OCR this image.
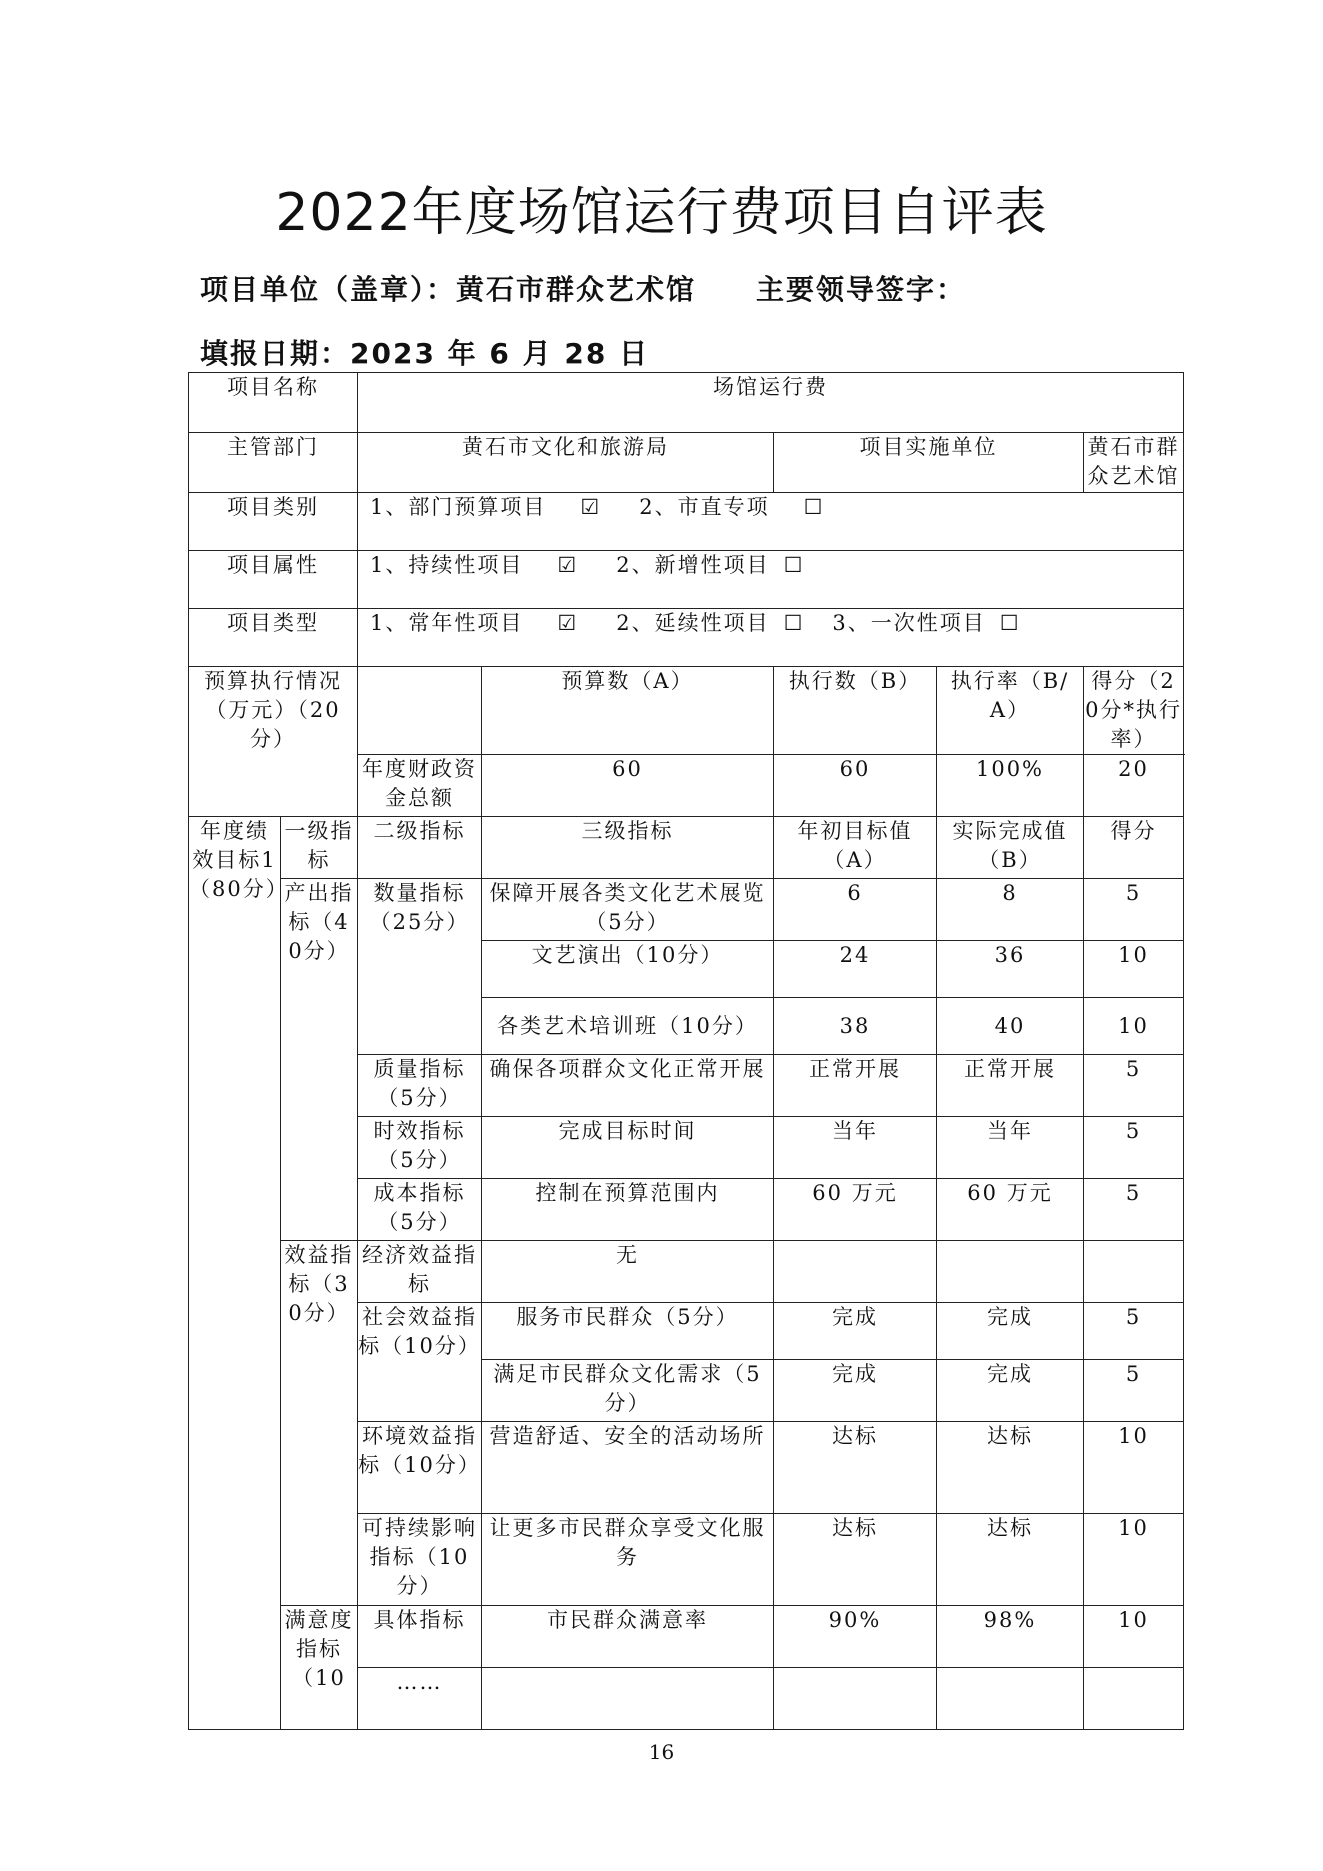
2022年度场馆运行费项目自评表
项目单位（盖章）：黄石市群众艺术馆 主要领导签字：
填报日期：2023 年 6 月 28 日
项目名称		场馆运行费				
主管部门		黄石市文化和旅游局		项目实施单位		黄石市群众艺术馆
项目类别		1、部门预算项目 ☑ 2、市直专项 ☐				
项目属性		1、持续性项目 ☑ 2、新增性项目 ☐				
项目类型		1、常年性项目 ☑ 2、延续性项目 ☐ 3、一次性项目 ☐				
预算执行情况（万元）（20分）			预算数（A）	执行数（B）	执行率（B/A）	得分（20分*执行率）
		年度财政资金总额	60	60	100%	20
年度绩效目标1（80分）	一级指标	二级指标	三级指标	年初目标值（A）	实际完成值（B）	得分
	产出指标（40分）	数量指标（25分）	保障开展各类文化艺术展览（5分）	6	8	5
			文艺演出（10分）	24	36	10
			各类艺术培训班（10分）	38	40	10
		质量指标（5分）	确保各项群众文化正常开展	正常开展	正常开展	5
		时效指标（5分）	完成目标时间	当年	当年	5
		成本指标（5分）	控制在预算范围内	60 万元	60 万元	5
	效益指标（30分）	经济效益指标	无			
		社会效益指标（10分）	服务市民群众（5分）	完成	完成	5
			满足市民群众文化需求（5分）	完成	完成	5
		环境效益指标（10分）	营造舒适、安全的活动场所	达标	达标	10
		可持续影响指标（10分）	让更多市民群众享受文化服务	达标	达标	10
	满意度指标（10	具体指标	市民群众满意率	90%	98%	10
		……				
16
